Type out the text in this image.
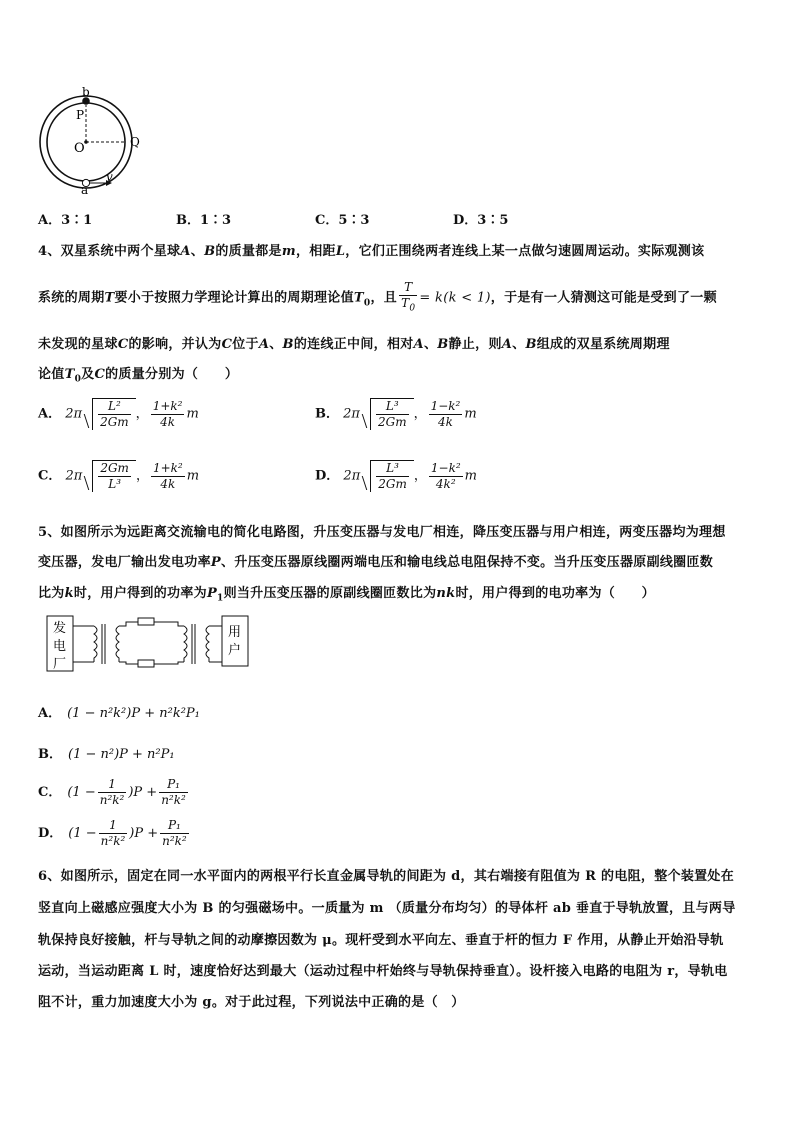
b
P
O	Q
a
v
A．3∶1	B．1∶3	C．5∶3	D．3∶5
4、双星系统中两个星球A、B的质量都是m，相距L，它们正围绕两者连线上某一点做匀速圆周运动。实际观测该
系统的周期T要小于按照力学理论计算出的周期理论值$T_0$，且 $\frac{T}{T_0} = k(k < 1)$，于是有一人猜测这可能是受到了一颗
未发现的星球C的影响，并认为C位于A、B的连线正中间，相对A、B静止，则A、B组成的双星系统周期理
论值$T_0$及C的质量分别为（　　）
A． $2\pi \frac{\text{L²}}{2Gm}$ ， $\frac{\text{1+k²}}{4k}$ m	B． $2\pi \frac{\text{L³}}{2Gm}$ ， $\frac{\text{1−k²}}{4k}$ m
C． $2\pi \frac{2Gm}{\text{L³}}$ ， $\frac{\text{1+k²}}{4k}$ m	D． $2\pi \frac{\text{L³}}{2Gm}$ ， $\frac{\text{1−k²}}{\text{4k²}}$ m
5、如图所示为远距离交流输电的简化电路图，升压变压器与发电厂相连，降压变压器与用户相连，两变压器均为理想
变压器，发电厂输出发电功率P、升压变压器原线圈两端电压和输电线总电阻保持不变。当升压变压器原副线圈匝数
比为k时，用户得到的功率为$P_1$则当升压变压器的原副线圈匝数比为nk时，用户得到的电功率为（　　）
发
电
厂
用
户
A． (1 − n²k²)P + n²k²P₁
B． (1 − n²)P + n²P₁
C． $(1 - \frac{1}{\text{n²k²}} )P + \frac{\text{P₁}}{\text{n²k²}}$
D． $(1 - \frac{1}{\text{n²k²}} )P + \frac{\text{P₁}}{\text{n²k²}}$
6、如图所示，固定在同一水平面内的两根平行长直金属导轨的间距为 d，其右端接有阻值为 R 的电阻，整个装置处在
竖直向上磁感应强度大小为 B 的匀强磁场中。一质量为 m （质量分布均匀）的导体杆 ab 垂直于导轨放置，且与两导
轨保持良好接触，杆与导轨之间的动摩擦因数为 μ。现杆受到水平向左、垂直于杆的恒力 F 作用，从静止开始沿导轨
运动，当运动距离 L 时，速度恰好达到最大（运动过程中杆始终与导轨保持垂直）。设杆接入电路的电阻为 r，导轨电
阻不计，重力加速度大小为 g。对于此过程，下列说法中正确的是（　）
